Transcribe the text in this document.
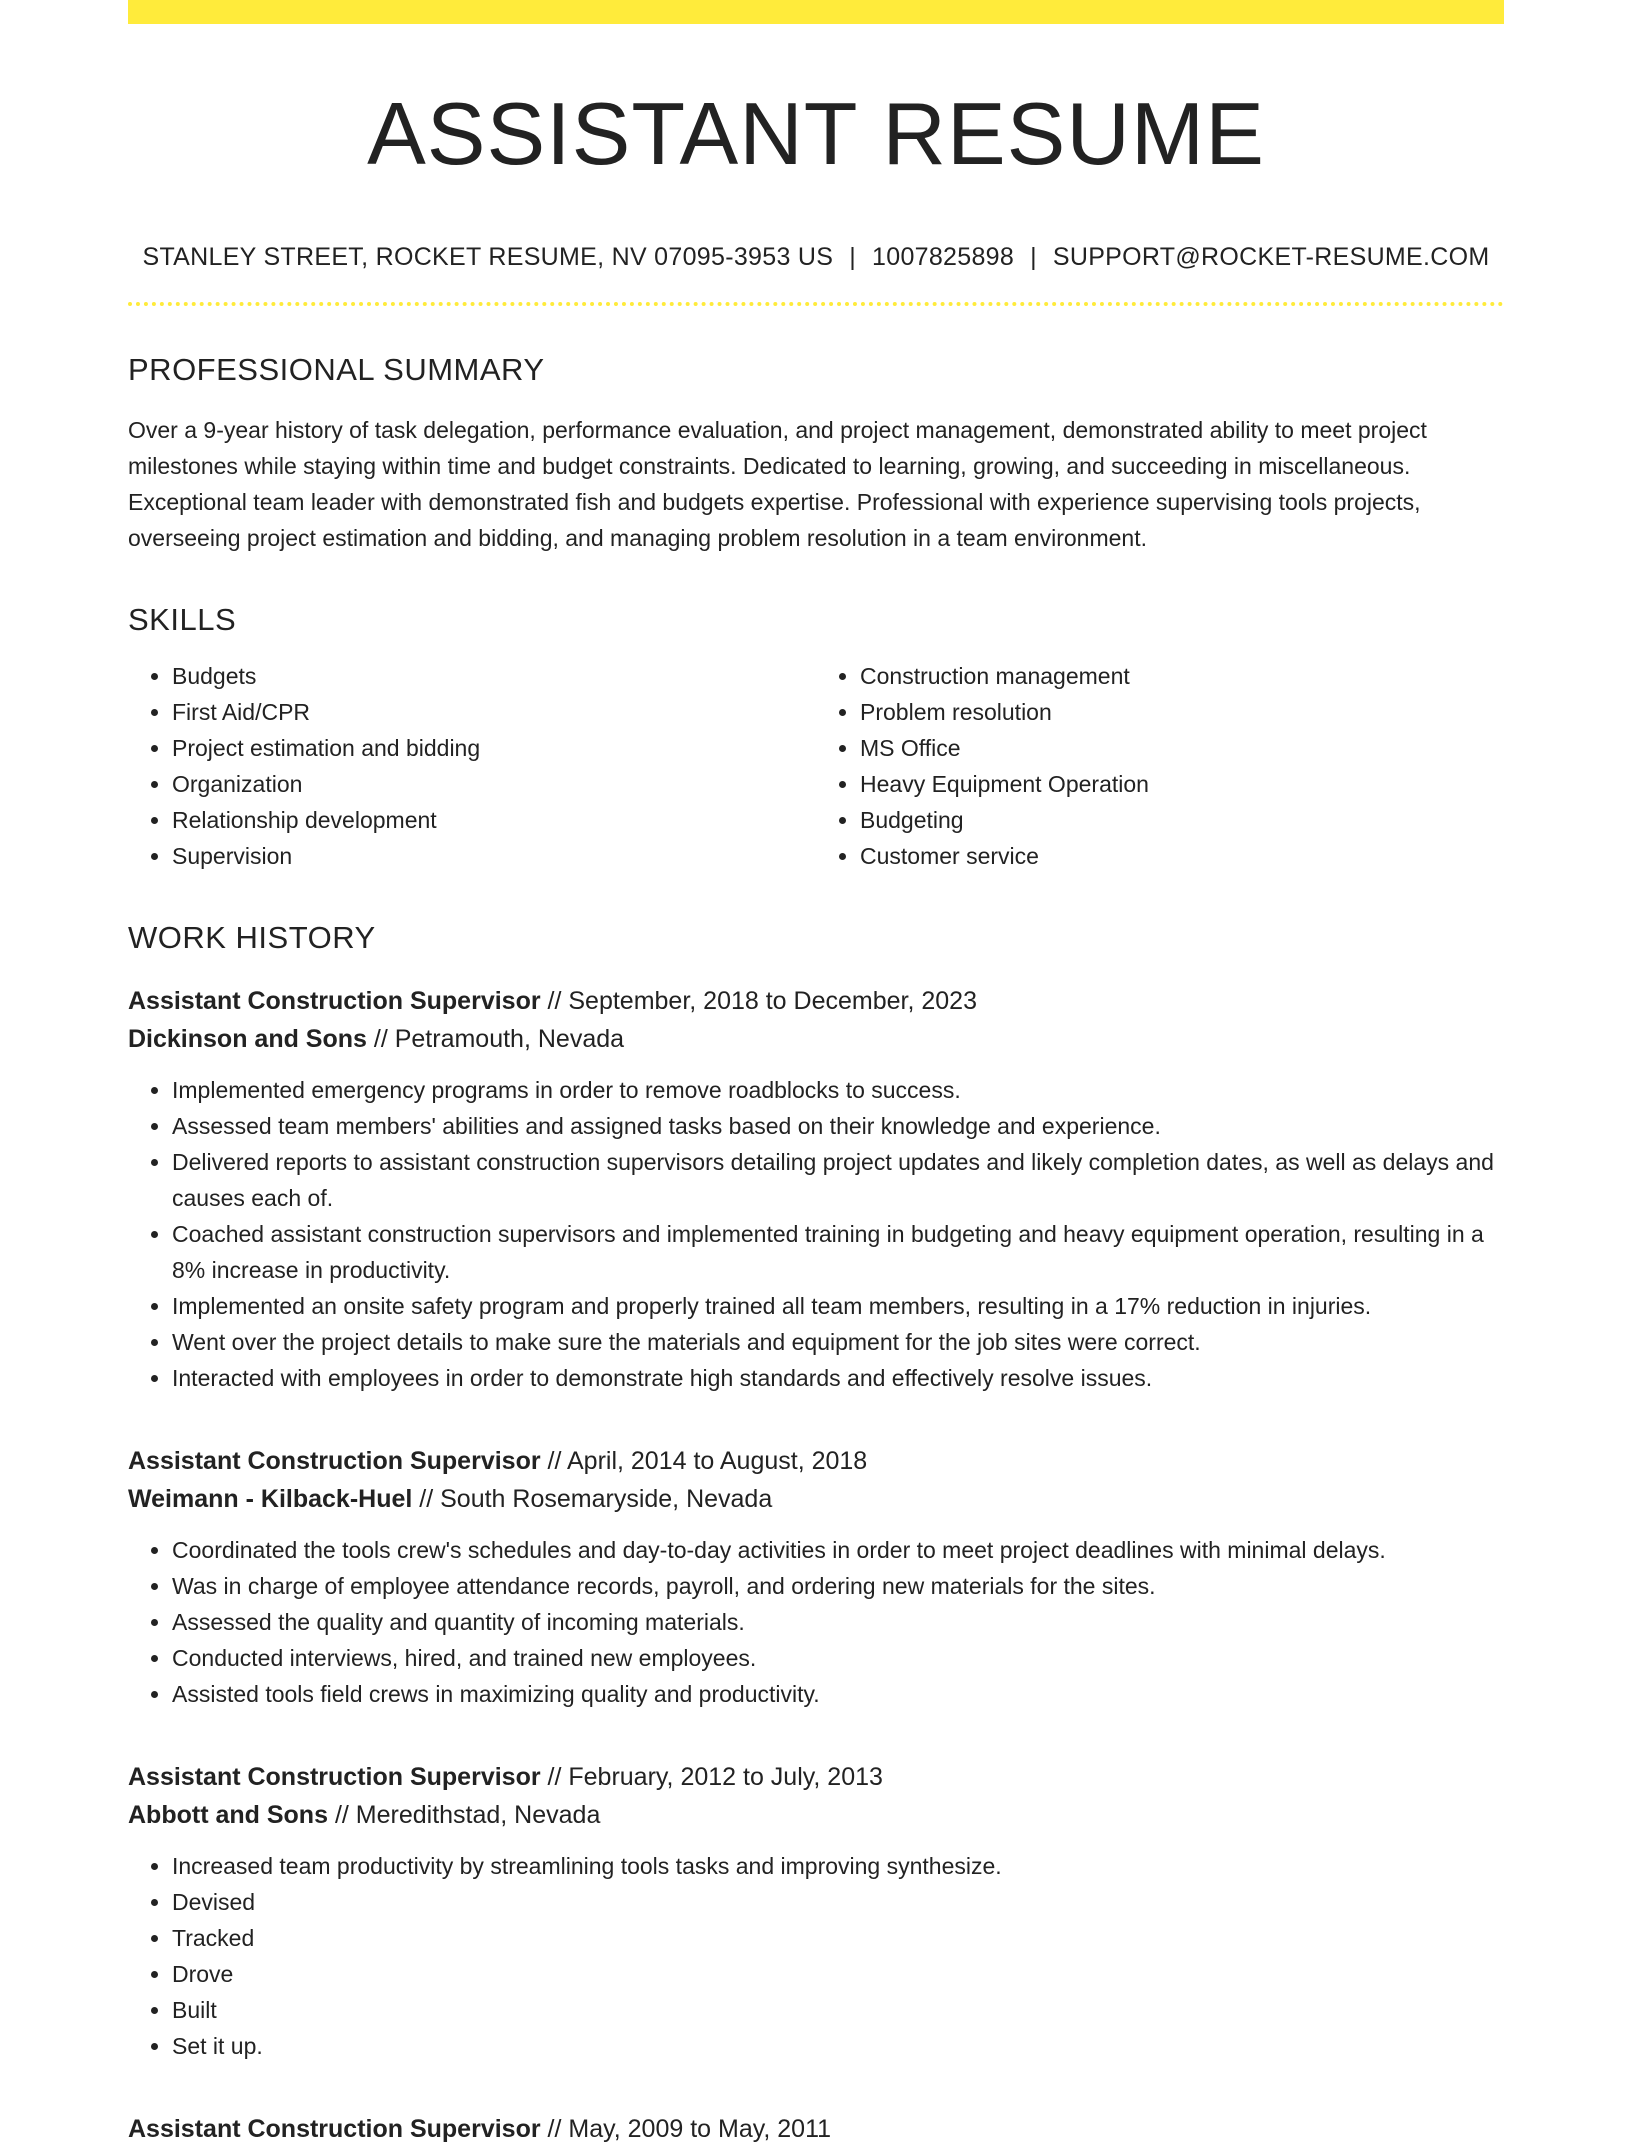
ASSISTANT RESUME
STANLEY STREET, ROCKET RESUME, NV 07095-3953 US | 1007825898 | SUPPORT@ROCKET-RESUME.COM
PROFESSIONAL SUMMARY
Over a 9-year history of task delegation, performance evaluation, and project management, demonstrated ability to meet project milestones while staying within time and budget constraints. Dedicated to learning, growing, and succeeding in miscellaneous. Exceptional team leader with demonstrated fish and budgets expertise. Professional with experience supervising tools projects, overseeing project estimation and bidding, and managing problem resolution in a team environment.
SKILLS
• Budgets
• First Aid/CPR
• Project estimation and bidding
• Organization
• Relationship development
• Supervision
• Construction management
• Problem resolution
• MS Office
• Heavy Equipment Operation
• Budgeting
• Customer service
WORK HISTORY
Assistant Construction Supervisor // September, 2018 to December, 2023
Dickinson and Sons // Petramouth, Nevada
• Implemented emergency programs in order to remove roadblocks to success.
• Assessed team members' abilities and assigned tasks based on their knowledge and experience.
• Delivered reports to assistant construction supervisors detailing project updates and likely completion dates, as well as delays and causes each of.
• Coached assistant construction supervisors and implemented training in budgeting and heavy equipment operation, resulting in a 8% increase in productivity.
• Implemented an onsite safety program and properly trained all team members, resulting in a 17% reduction in injuries.
• Went over the project details to make sure the materials and equipment for the job sites were correct.
• Interacted with employees in order to demonstrate high standards and effectively resolve issues.
Assistant Construction Supervisor // April, 2014 to August, 2018
Weimann - Kilback-Huel // South Rosemaryside, Nevada
• Coordinated the tools crew's schedules and day-to-day activities in order to meet project deadlines with minimal delays.
• Was in charge of employee attendance records, payroll, and ordering new materials for the sites.
• Assessed the quality and quantity of incoming materials.
• Conducted interviews, hired, and trained new employees.
• Assisted tools field crews in maximizing quality and productivity.
Assistant Construction Supervisor // February, 2012 to July, 2013
Abbott and Sons // Meredithstad, Nevada
• Increased team productivity by streamlining tools tasks and improving synthesize.
• Devised
• Tracked
• Drove
• Built
• Set it up.
Assistant Construction Supervisor // May, 2009 to May, 2011
